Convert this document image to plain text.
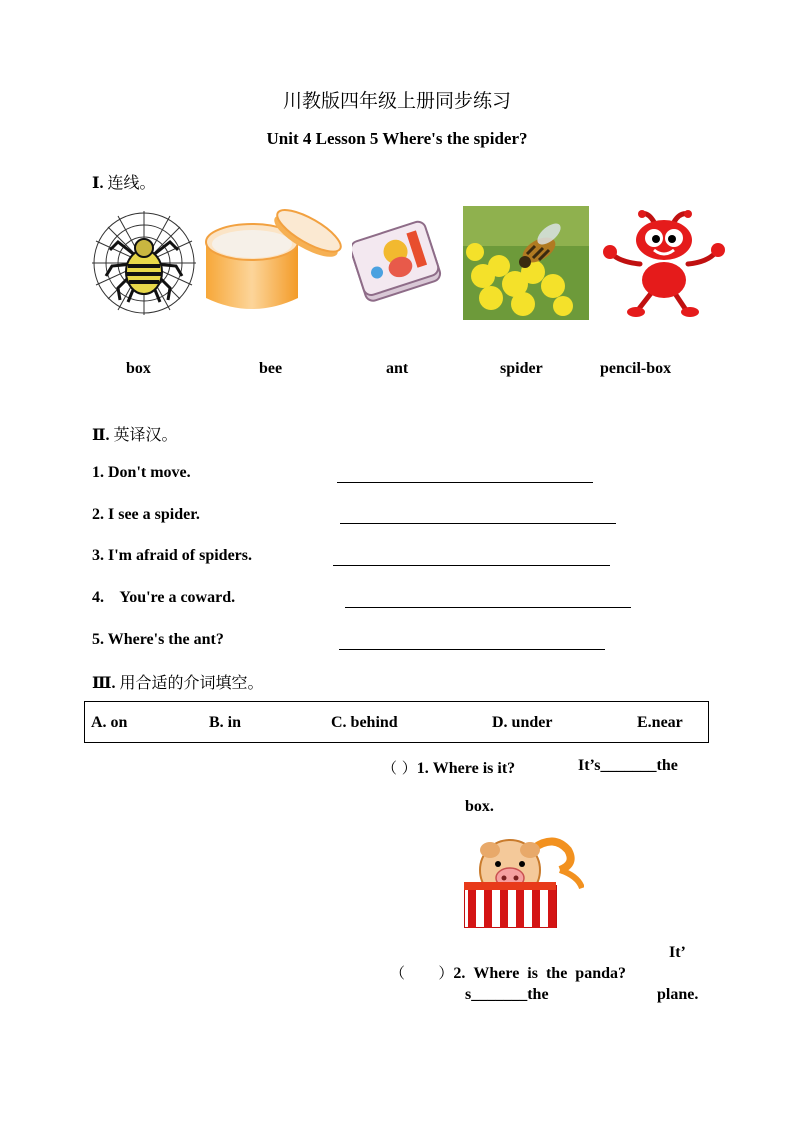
川教版四年级上册同步练习
Unit 4 Lesson 5 Where's the spider?
Ⅰ. 连线。
box	bee	ant	spider	pencil-box
Ⅱ. 英译汉。
1. Don't move.
2. I see a spider.
3. I'm afraid of spiders.
4.    You're a coward.
5. Where's the ant?
Ⅲ. 用合适的介词填空。
A. on	B. in	C. behind	D. under	E.near
（ ）1. Where is it?	It’s_______the
box.

（       ）2.  Where  is  the  panda?

It’
s_______the	plane.
